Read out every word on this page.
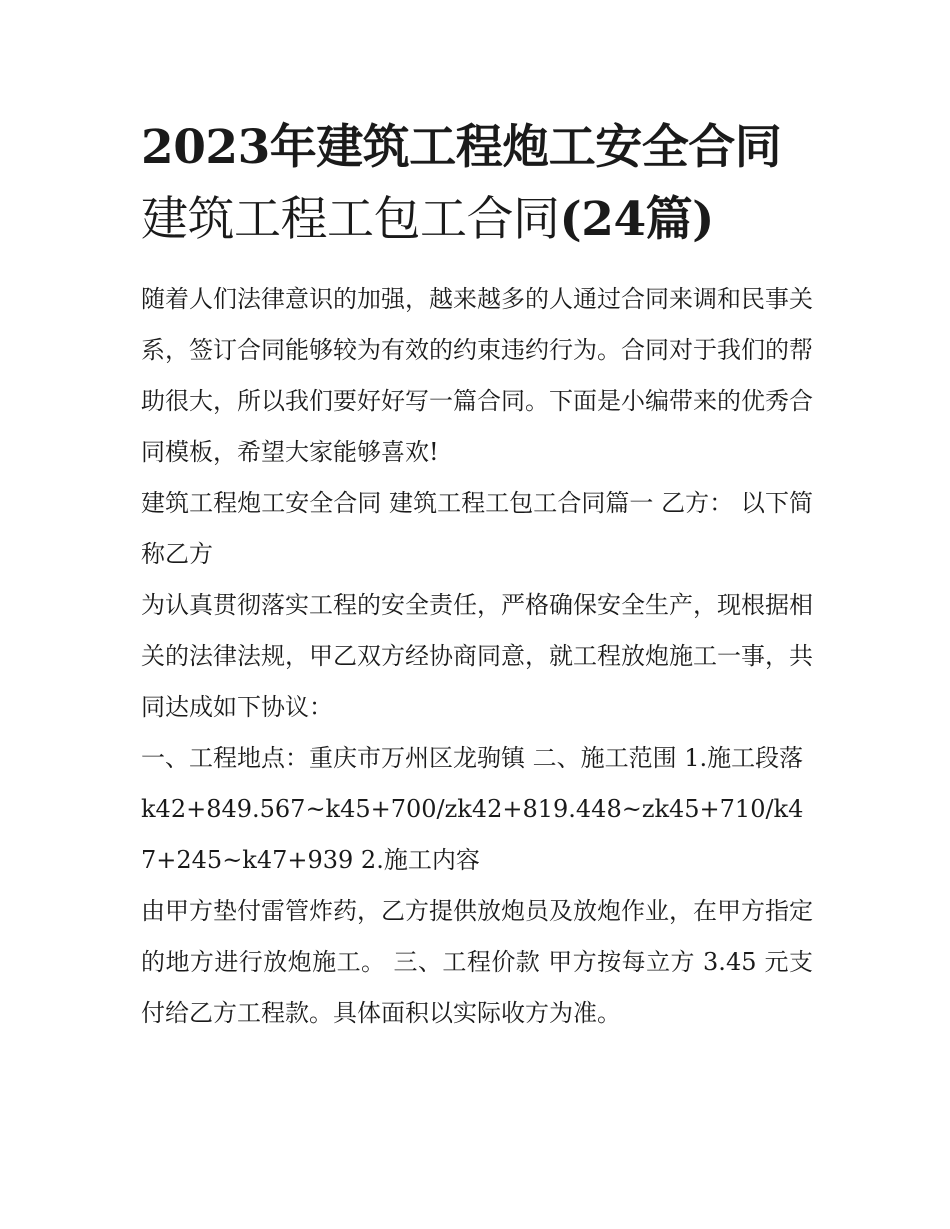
2023年建筑工程炮工安全合同
建筑工程工包工合同(24篇)

随着人们法律意识的加强，越来越多的人通过合同来调和民事关系，签订合同能够较为有效的约束违约行为。合同对于我们的帮助很大，所以我们要好好写一篇合同。下面是小编带来的优秀合同模板，希望大家能够喜欢!

建筑工程炮工安全合同 建筑工程工包工合同篇一 乙方： 以下简称乙方

为认真贯彻落实工程的安全责任，严格确保安全生产，现根据相关的法律法规，甲乙双方经协商同意，就工程放炮施工一事，共同达成如下协议：

一、工程地点：重庆市万州区龙驹镇 二、施工范围 1.施工段落

k42+849.567~k45+700/zk42+819.448~zk45+710/k47+245~k47+939 2.施工内容

由甲方垫付雷管炸药，乙方提供放炮员及放炮作业，在甲方指定的地方进行放炮施工。 三、工程价款 甲方按每立方 3.45 元支付给乙方工程款。具体面积以实际收方为准。
